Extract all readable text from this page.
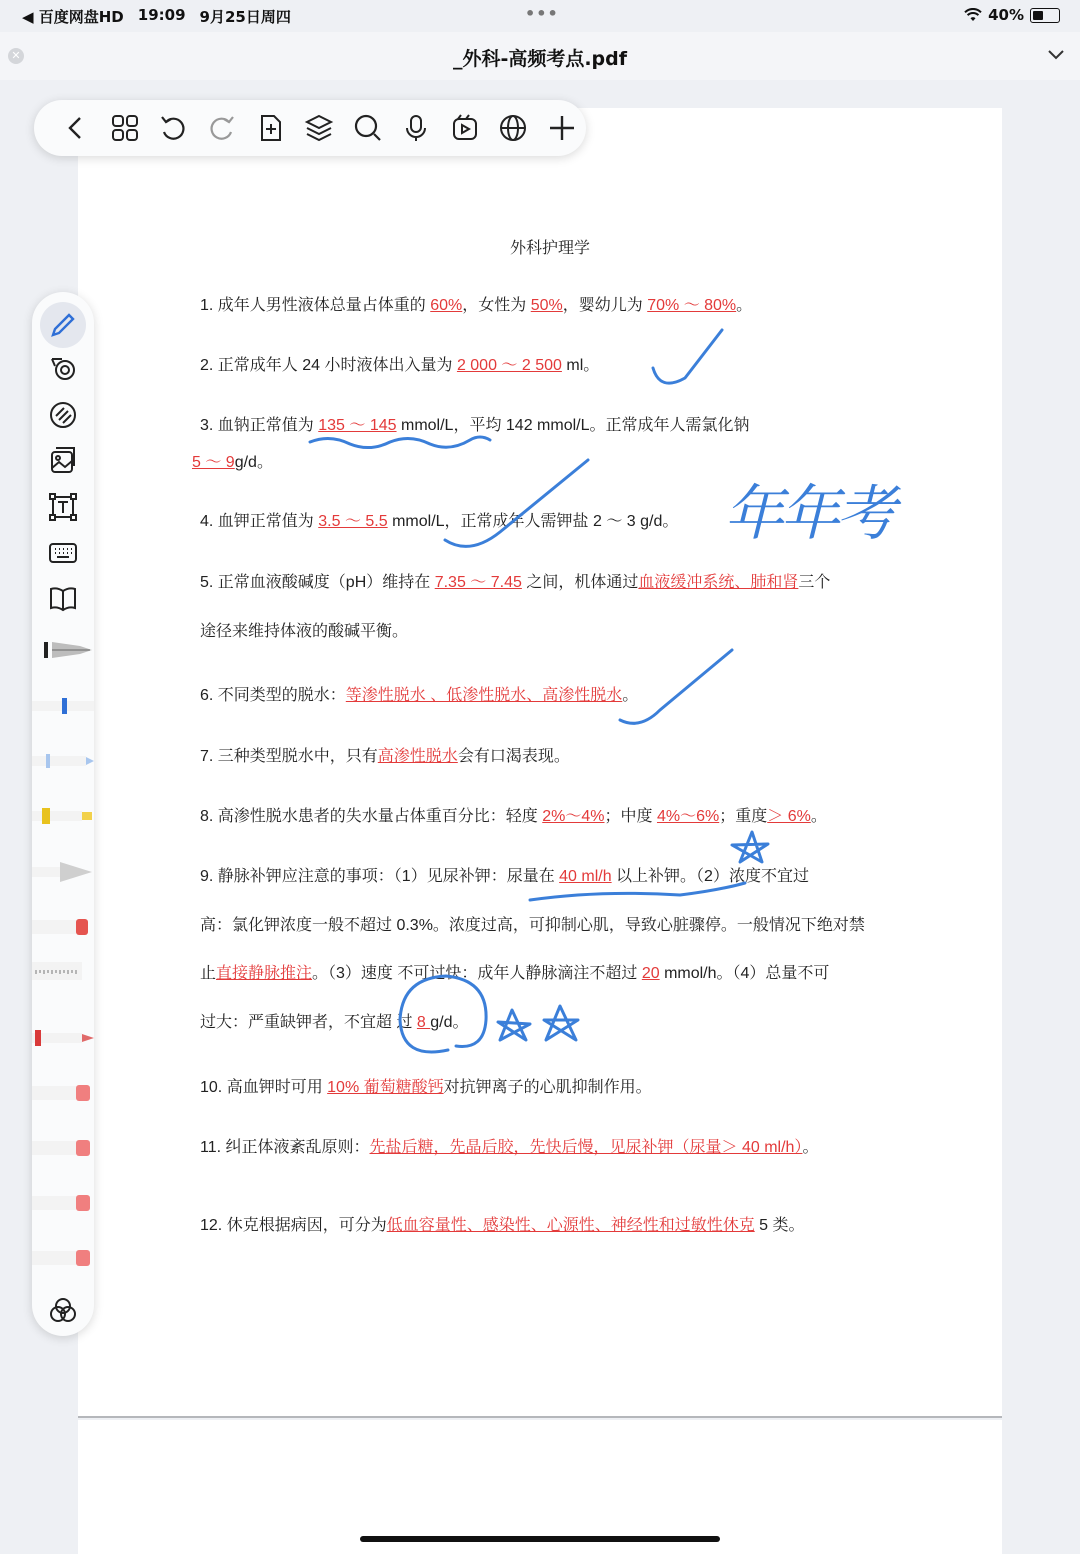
◀ 百度网盘HD 19:09 9月25日周四	•••	40%
✕	_外科-高频考点.pdf
外科护理学
1. 成年人男性液体总量占体重的 60%，女性为 50%，婴幼儿为 70% ～ 80%。
2. 正常成年人 24 小时液体出入量为 2 000 ～ 2 500 ml。
3. 血钠正常值为 135 ～ 145 mmol/L，平均 142 mmol/L。正常成年人需氯化钠
5 ～ 9g/d。
4. 血钾正常值为 3.5 ～ 5.5 mmol/L，正常成年人需钾盐 2 ～ 3 g/d。
5. 正常血液酸碱度（pH）维持在 7.35 ～ 7.45 之间，机体通过血液缓冲系统、肺和肾三个
途径来维持体液的酸碱平衡。
6. 不同类型的脱水：等渗性脱水 、低渗性脱水、高渗性脱水。
7. 三种类型脱水中，只有高渗性脱水会有口渴表现。
8. 高渗性脱水患者的失水量占体重百分比：轻度 2%～4%；中度 4%～6%；重度＞ 6%。
9. 静脉补钾应注意的事项：（1）见尿补钾：尿量在 40 ml/h 以上补钾。（2）浓度不宜过
高：氯化钾浓度一般不超过 0.3%。浓度过高，可抑制心肌，导致心脏骤停。一般情况下绝对禁
止直接静脉推注。（3）速度 不可过快：成年人静脉滴注不超过 20 mmol/h。（4）总量不可
过大：严重缺钾者，不宜超 过 8 g/d。
10. 高血钾时可用 10% 葡萄糖酸钙对抗钾离子的心肌抑制作用。
11. 纠正体液紊乱原则：先盐后糖，先晶后胶，先快后慢，见尿补钾（尿量＞ 40 ml/h）。
12. 休克根据病因，可分为低血容量性、感染性、心源性、神经性和过敏性休克 5 类。
年年考
